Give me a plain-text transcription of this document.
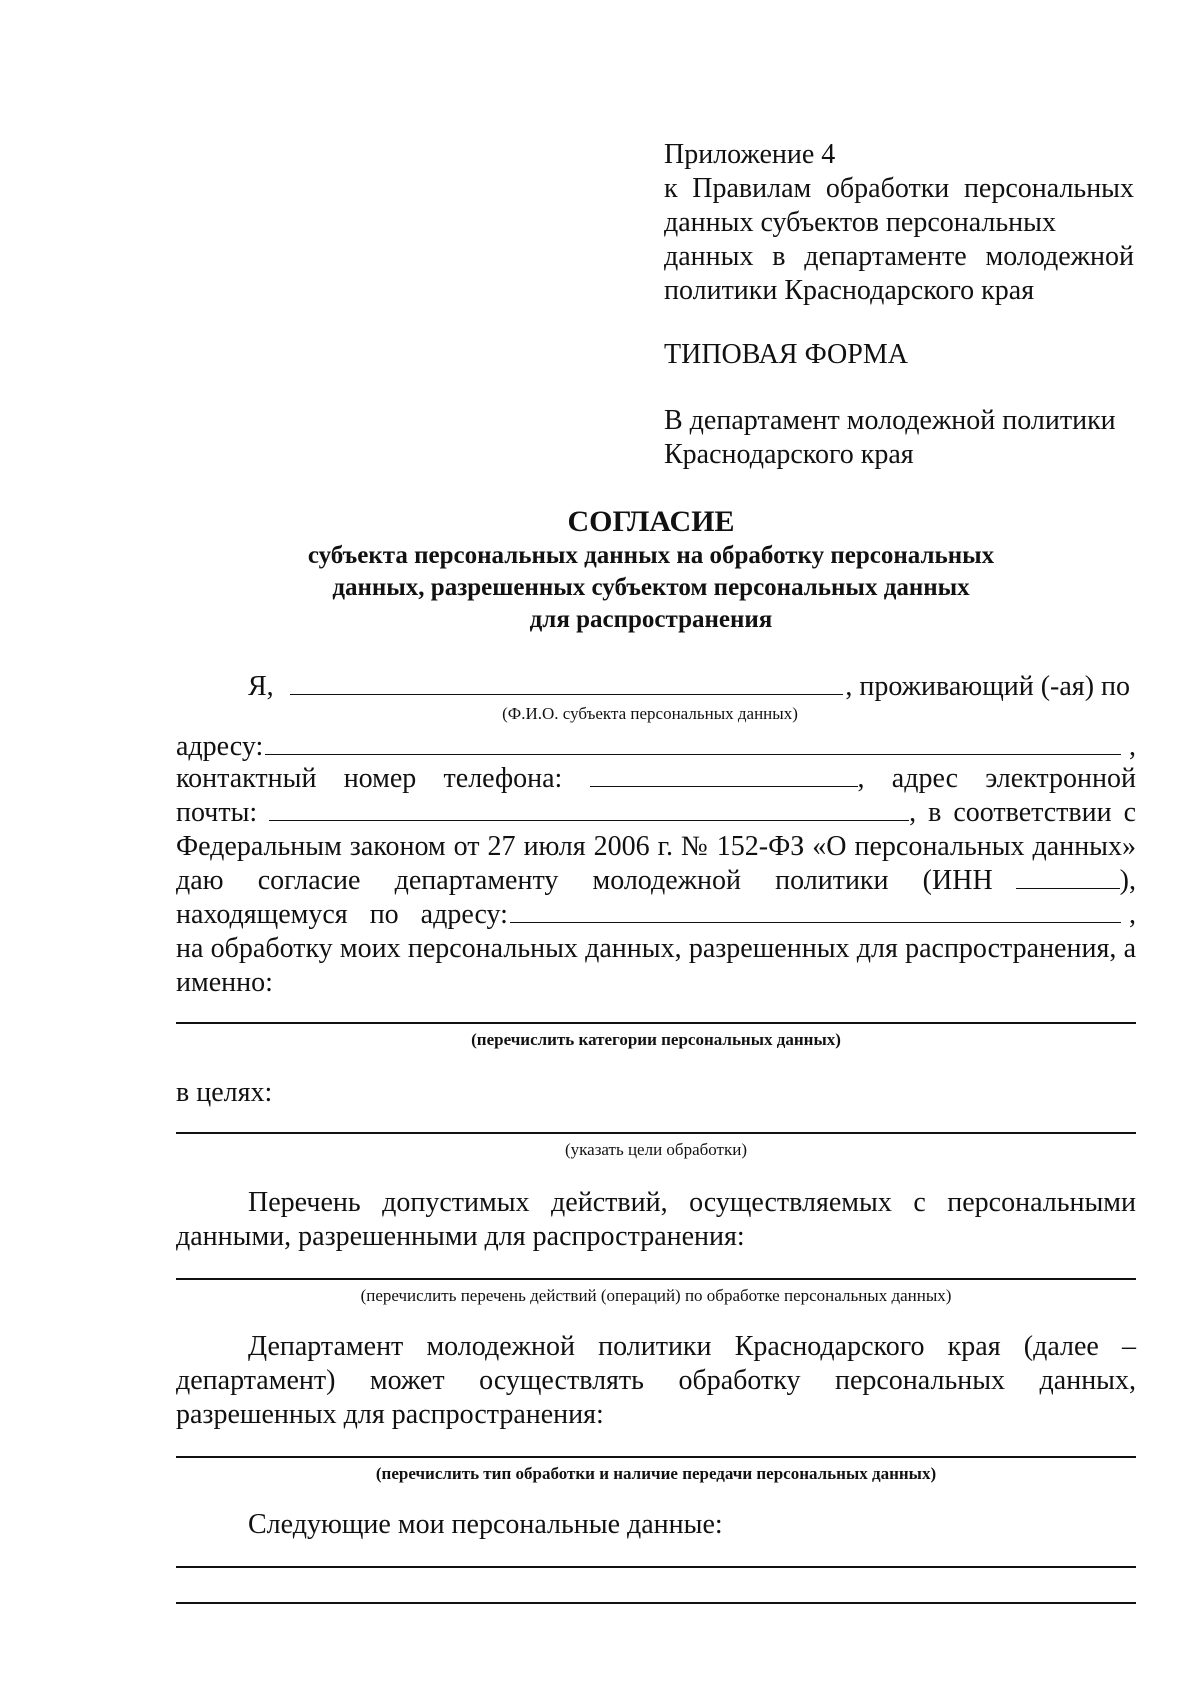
Приложение 4
к Правилам обработки персональных
данных субъектов персональных
данных в департаменте молодежной
политики Краснодарского края
ТИПОВАЯ ФОРМА
В департамент молодежной политики
Краснодарского края
СОГЛАСИЕ
субъекта персональных данных на обработку персональных
данных, разрешенных субъектом персональных данных
для распространения
Я,	, проживающий (-ая) по
(Ф.И.О. субъекта персональных данных)
адресу:	,
контактный номер телефона:	, адрес электронной
почты:	, в соответствии с
Федеральным законом от 27 июля 2006 г. № 152-ФЗ «О персональных данных»
даю согласие департаменту молодежной политики (ИНН	),
находящемуся по адресу:	,
на обработку моих персональных данных, разрешенных для распространения, а
именно:
(перечислить категории персональных данных)
в целях:
(указать цели обработки)
Перечень допустимых действий, осуществляемых с персональными
данными, разрешенными для распространения:
(перечислить перечень действий (операций) по обработке персональных данных)
Департамент молодежной политики Краснодарского края (далее –
департамент) может осуществлять обработку персональных данных,
разрешенных для распространения:
(перечислить тип обработки и наличие передачи персональных данных)
Следующие мои персональные данные:
